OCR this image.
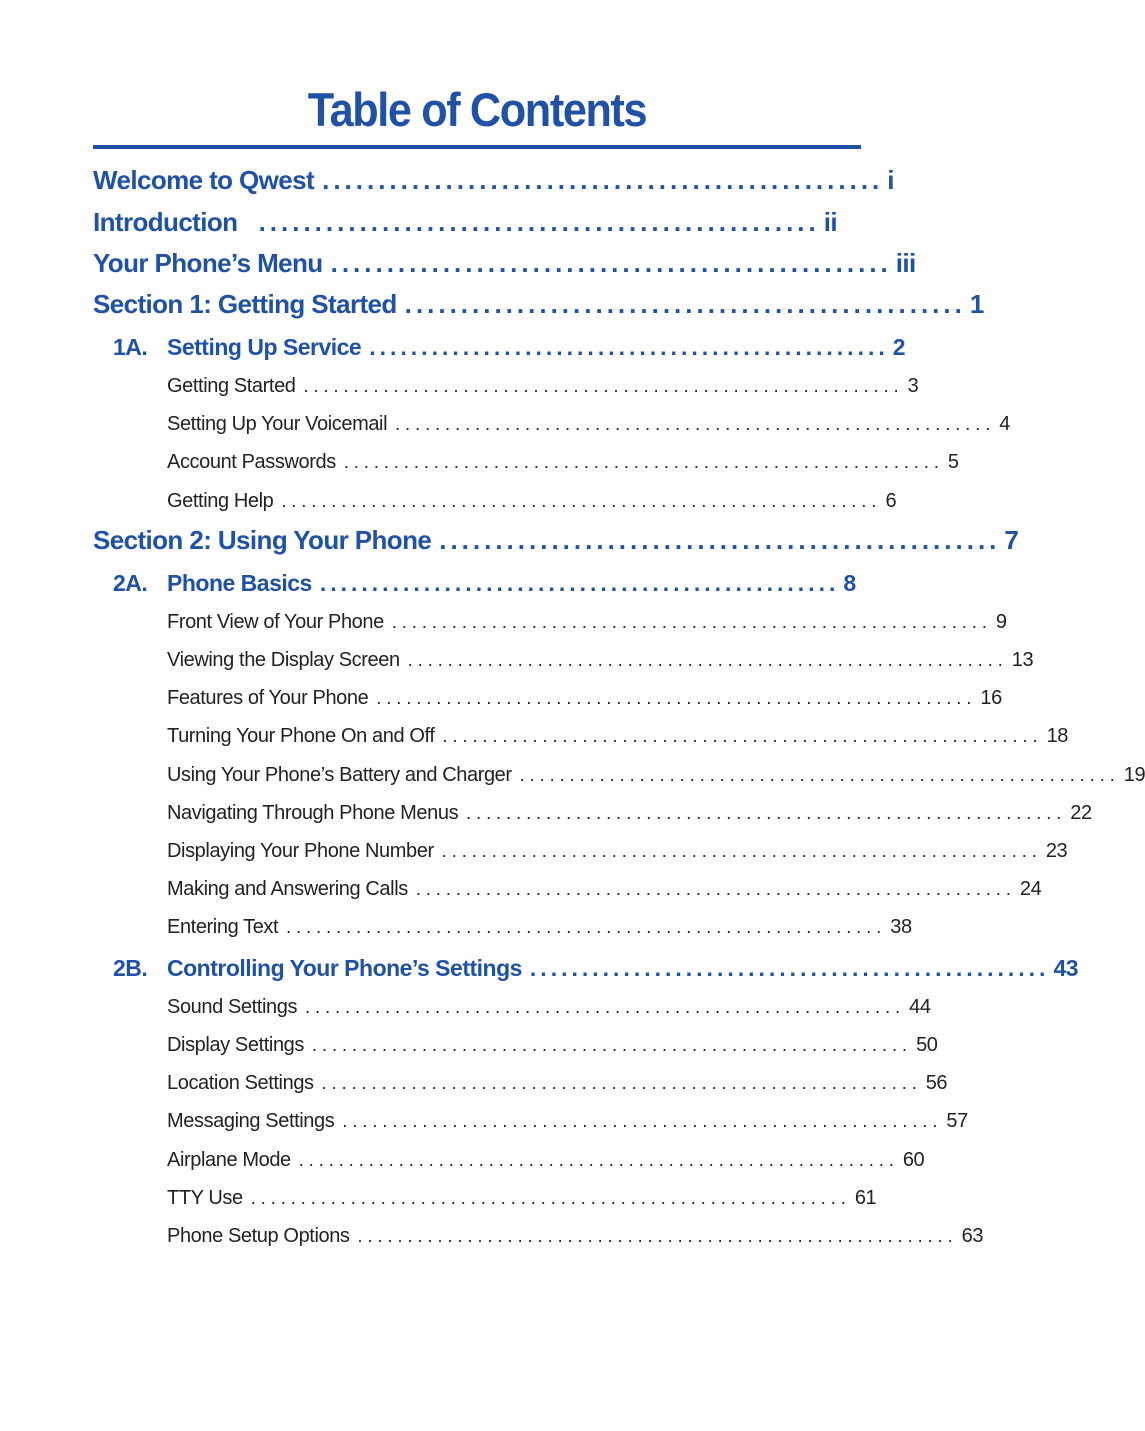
Table of Contents
Welcome to Qwest .................................................. i
Introduction .................................................. ii
Your Phone’s Menu .................................................. iii
Section 1: Getting Started .................................................. 1
1A. Setting Up Service .................................................. 2
Getting Started ............................................................ 3
Setting Up Your Voicemail ............................................................ 4
Account Passwords ............................................................ 5
Getting Help ............................................................ 6
Section 2: Using Your Phone .................................................. 7
2A. Phone Basics .................................................. 8
Front View of Your Phone ............................................................ 9
Viewing the Display Screen ............................................................ 13
Features of Your Phone ............................................................ 16
Turning Your Phone On and Off ............................................................ 18
Using Your Phone’s Battery and Charger ............................................................ 19
Navigating Through Phone Menus ............................................................ 22
Displaying Your Phone Number ............................................................ 23
Making and Answering Calls ............................................................ 24
Entering Text ............................................................ 38
2B. Controlling Your Phone’s Settings .................................................. 43
Sound Settings ............................................................ 44
Display Settings ............................................................ 50
Location Settings ............................................................ 56
Messaging Settings ............................................................ 57
Airplane Mode ............................................................ 60
TTY Use ............................................................ 61
Phone Setup Options ............................................................ 63
